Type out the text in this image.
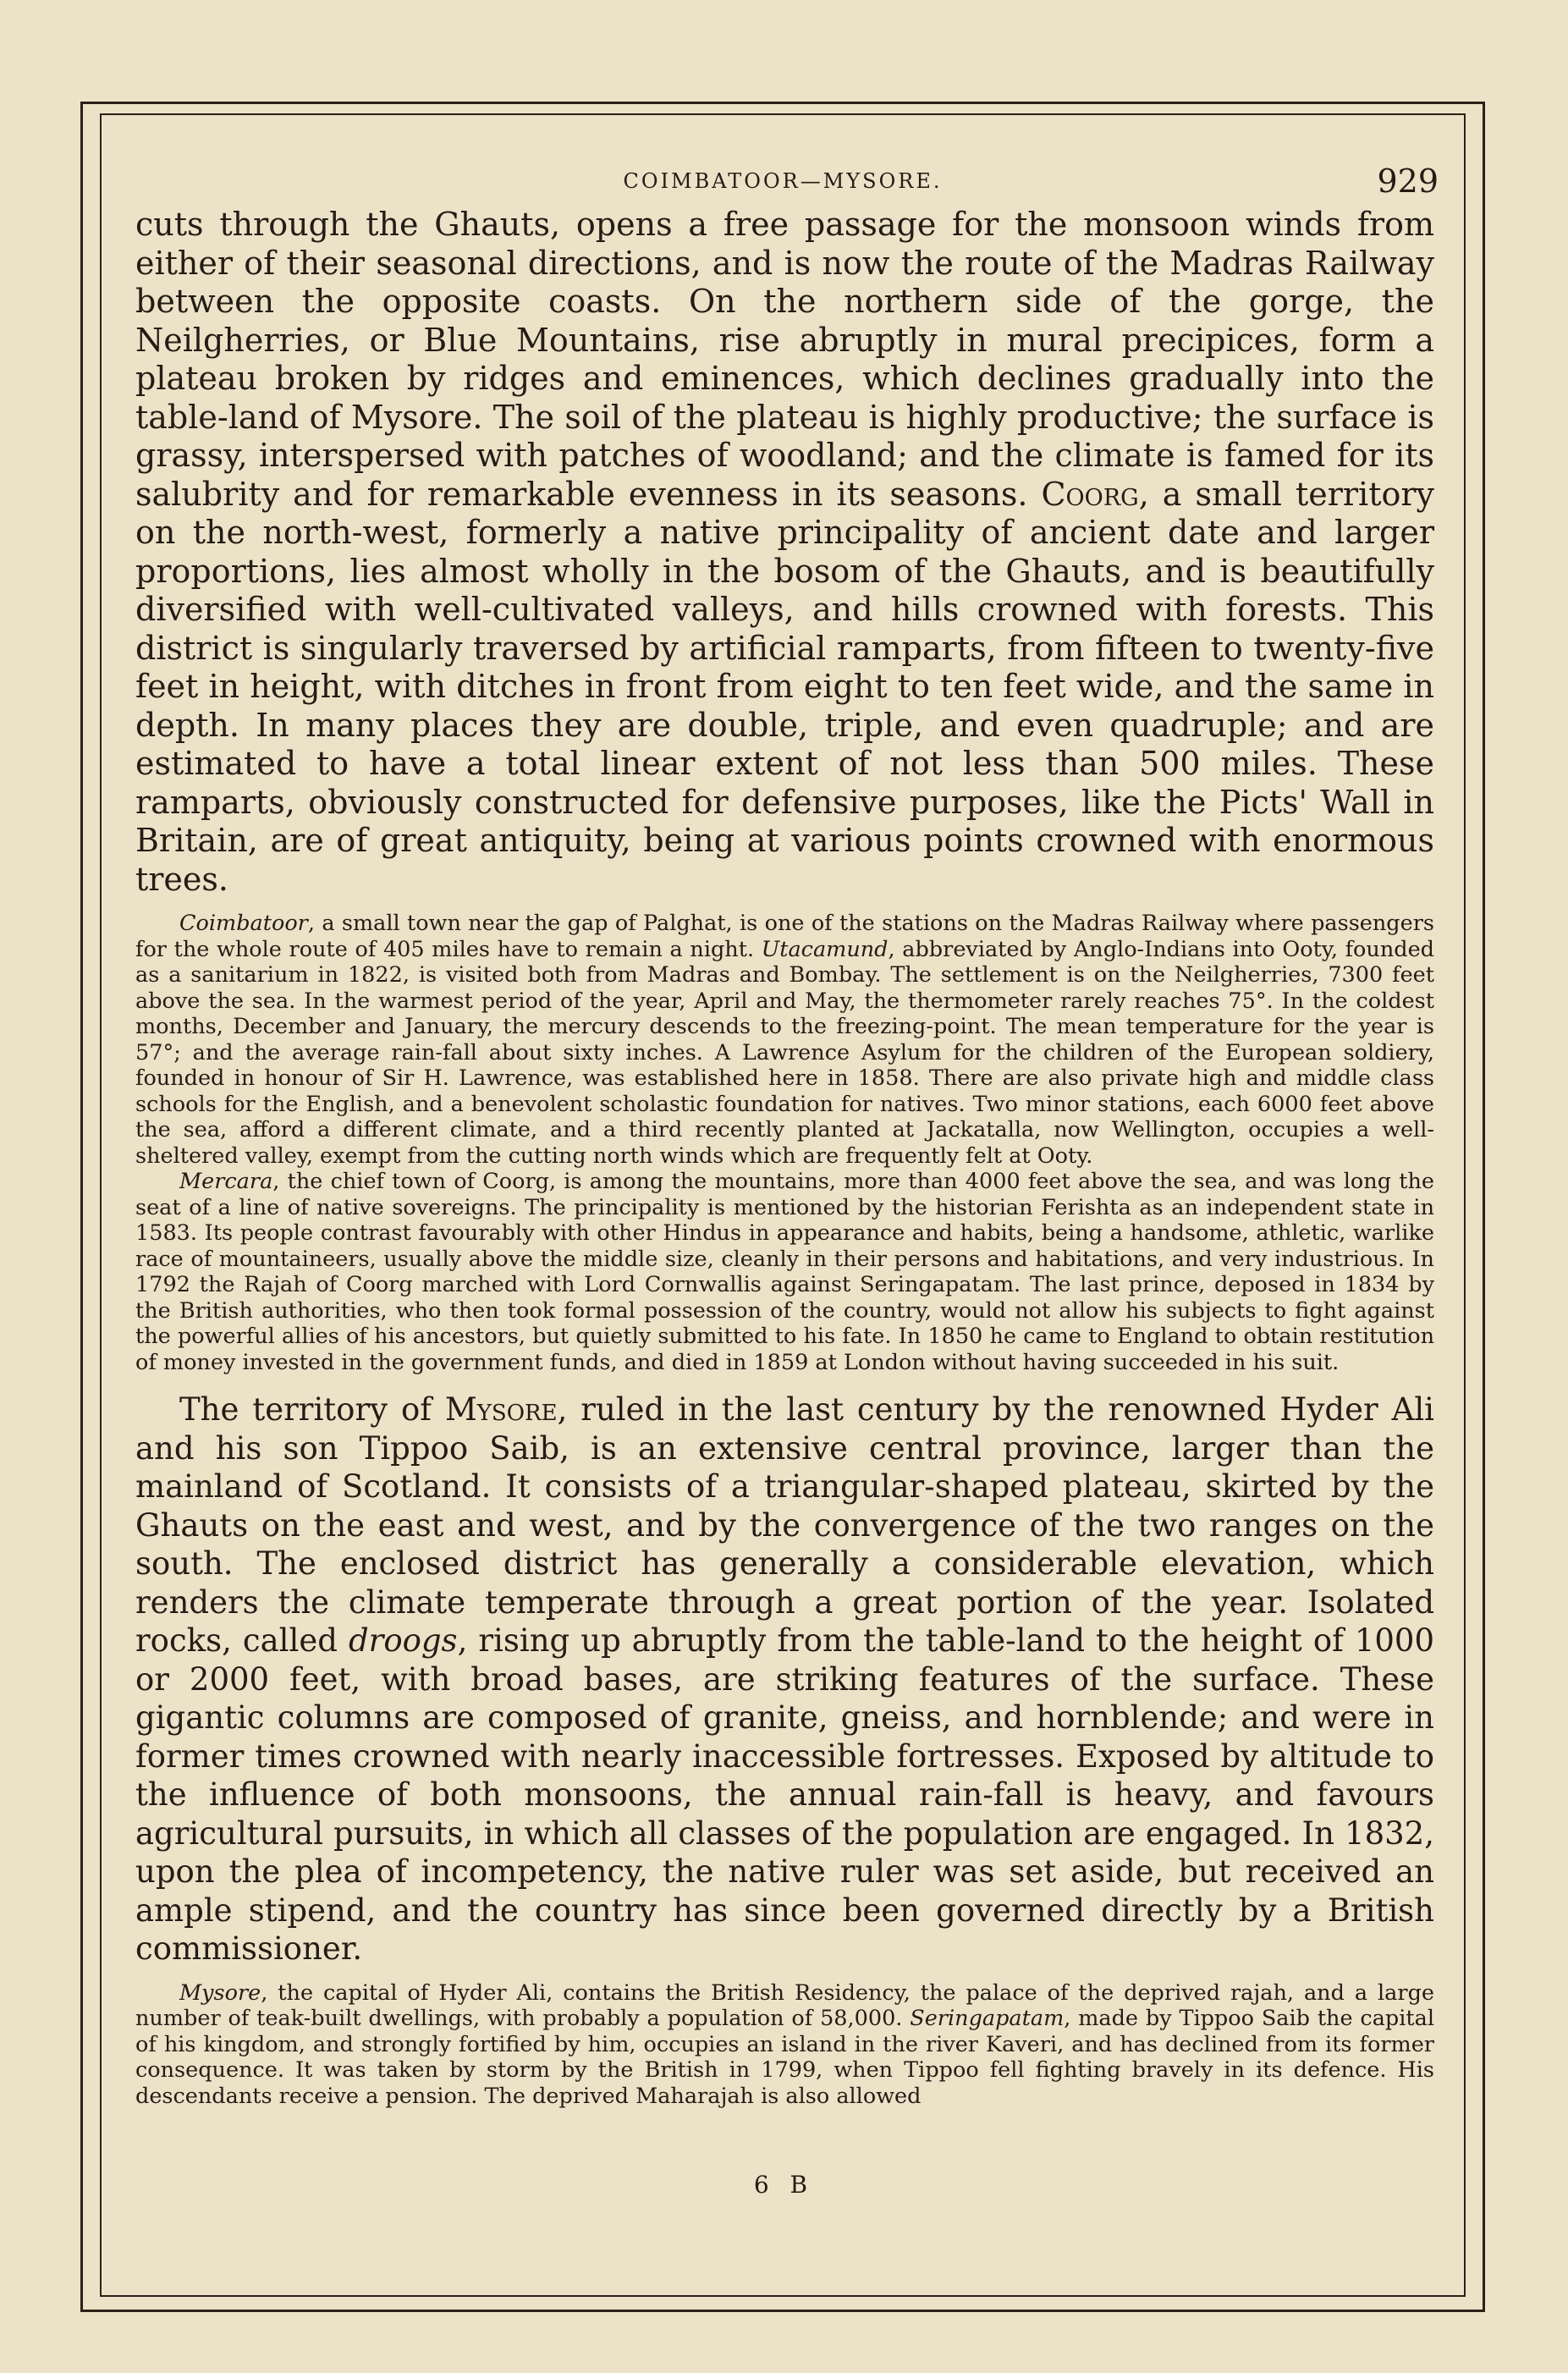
COIMBATOOR—MYSORE.	929

cuts through the Ghauts, opens a free passage for the monsoon winds from either of their seasonal directions, and is now the route of the Madras Railway between the opposite coasts. On the northern side of the gorge, the Neilgherries, or Blue Mountains, rise abruptly in mural precipices, form a plateau broken by ridges and eminences, which declines gradually into the table-land of Mysore. The soil of the plateau is highly productive; the surface is grassy, interspersed with patches of woodland; and the climate is famed for its salubrity and for remarkable evenness in its seasons. Coorg, a small territory on the north-west, formerly a native principality of ancient date and larger proportions, lies almost wholly in the bosom of the Ghauts, and is beautifully diversified with well-cultivated valleys, and hills crowned with forests. This district is singularly traversed by artificial ramparts, from fifteen to twenty-five feet in height, with ditches in front from eight to ten feet wide, and the same in depth. In many places they are double, triple, and even quadruple; and are estimated to have a total linear extent of not less than 500 miles. These ramparts, obviously constructed for defensive purposes, like the Picts' Wall in Britain, are of great antiquity, being at various points crowned with enormous trees.

Coimbatoor, a small town near the gap of Palghat, is one of the stations on the Madras Railway where passengers for the whole route of 405 miles have to remain a night. Utacamund, abbreviated by Anglo-Indians into Ooty, founded as a sanitarium in 1822, is visited both from Madras and Bombay. The settlement is on the Neilgherries, 7300 feet above the sea. In the warmest period of the year, April and May, the thermometer rarely reaches 75°. In the coldest months, December and January, the mercury descends to the freezing-point. The mean temperature for the year is 57°; and the average rain-fall about sixty inches. A Lawrence Asylum for the children of the European soldiery, founded in honour of Sir H. Lawrence, was established here in 1858. There are also private high and middle class schools for the English, and a benevolent scholastic foundation for natives. Two minor stations, each 6000 feet above the sea, afford a different climate, and a third recently planted at Jackatalla, now Wellington, occupies a well-sheltered valley, exempt from the cutting north winds which are frequently felt at Ooty.

Mercara, the chief town of Coorg, is among the mountains, more than 4000 feet above the sea, and was long the seat of a line of native sovereigns. The principality is mentioned by the historian Ferishta as an independent state in 1583. Its people contrast favourably with other Hindus in appearance and habits, being a handsome, athletic, warlike race of mountaineers, usually above the middle size, cleanly in their persons and habitations, and very industrious. In 1792 the Rajah of Coorg marched with Lord Cornwallis against Seringapatam. The last prince, deposed in 1834 by the British authorities, who then took formal possession of the country, would not allow his subjects to fight against the powerful allies of his ancestors, but quietly submitted to his fate. In 1850 he came to England to obtain restitution of money invested in the government funds, and died in 1859 at London without having succeeded in his suit.

The territory of Mysore, ruled in the last century by the renowned Hyder Ali and his son Tippoo Saib, is an extensive central province, larger than the mainland of Scotland. It consists of a triangular-shaped plateau, skirted by the Ghauts on the east and west, and by the convergence of the two ranges on the south. The enclosed district has generally a considerable elevation, which renders the climate temperate through a great portion of the year. Isolated rocks, called droogs, rising up abruptly from the table-land to the height of 1000 or 2000 feet, with broad bases, are striking features of the surface. These gigantic columns are composed of granite, gneiss, and hornblende; and were in former times crowned with nearly inaccessible fortresses. Exposed by altitude to the influence of both monsoons, the annual rain-fall is heavy, and favours agricultural pursuits, in which all classes of the population are engaged. In 1832, upon the plea of incompetency, the native ruler was set aside, but received an ample stipend, and the country has since been governed directly by a British commissioner.

Mysore, the capital of Hyder Ali, contains the British Residency, the palace of the deprived rajah, and a large number of teak-built dwellings, with probably a population of 58,000. Seringapatam, made by Tippoo Saib the capital of his kingdom, and strongly fortified by him, occupies an island in the river Kaveri, and has declined from its former consequence. It was taken by storm by the British in 1799, when Tippoo fell fighting bravely in its defence. His descendants receive a pension. The deprived Maharajah is also allowed

6 B
